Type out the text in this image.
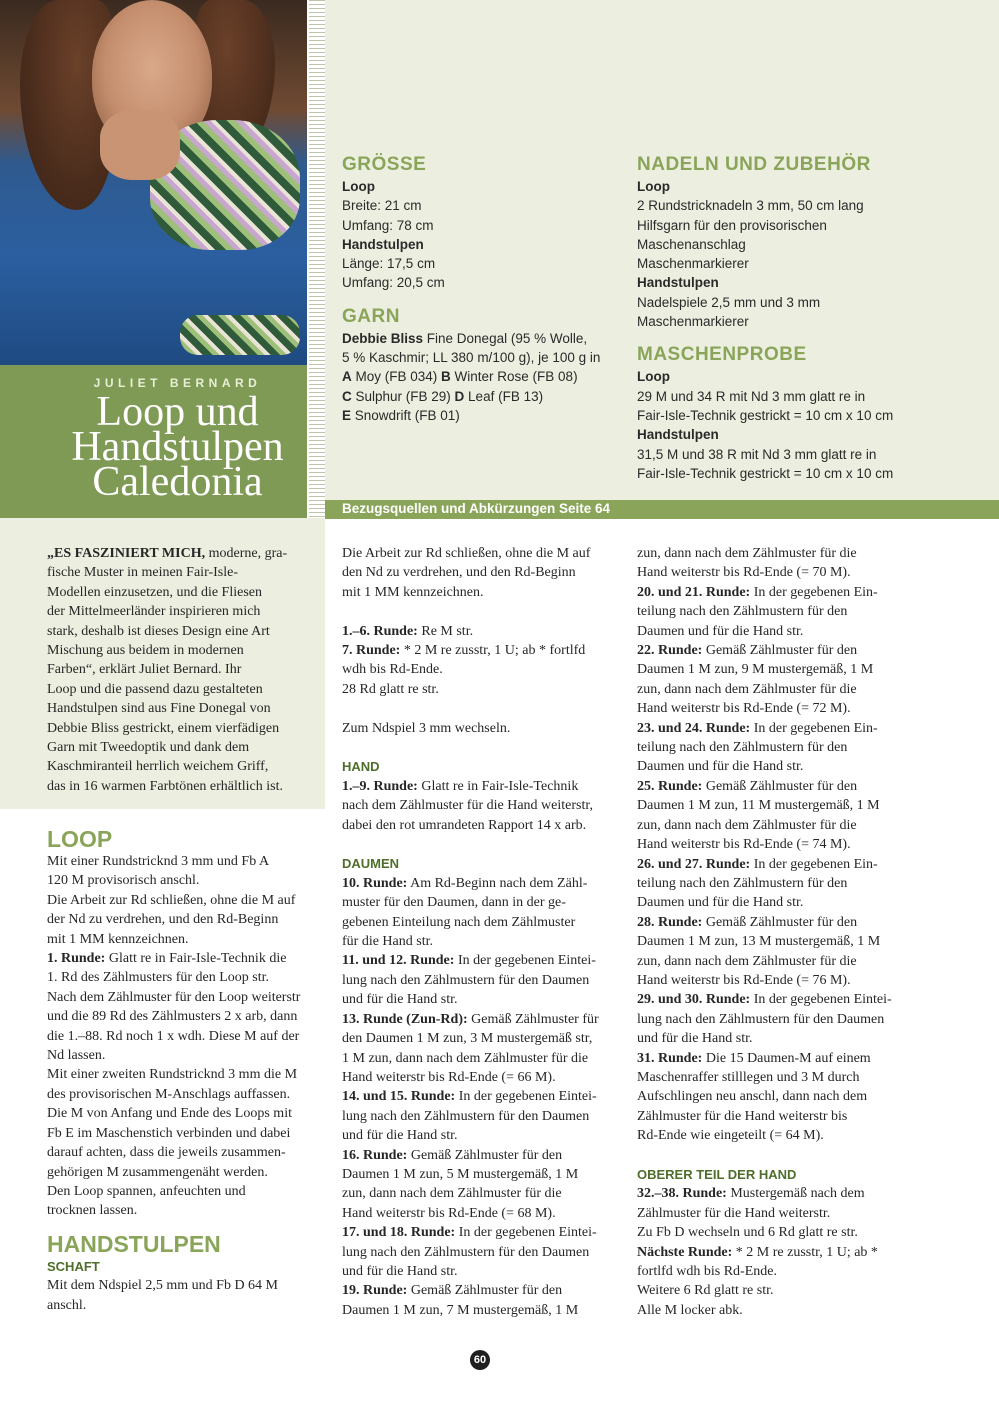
JULIET BERNARD
Loop und
Handstulpen
Caledonia
GRÖSSE
Loop
Breite: 21 cm
Umfang: 78 cm
Handstulpen
Länge: 17,5 cm
Umfang: 20,5 cm
GARN
Debbie Bliss Fine Donegal (95 % Wolle,
5 % Kaschmir; LL 380 m/100 g), je 100 g in
A Moy (FB 034) B Winter Rose (FB 08)
C Sulphur (FB 29) D Leaf (FB 13)
E Snowdrift (FB 01)
NADELN UND ZUBEHÖR
Loop
2 Rundstricknadeln 3 mm, 50 cm lang
Hilfsgarn für den provisorischen
Maschenanschlag
Maschenmarkierer
Handstulpen
Nadelspiele 2,5 mm und 3 mm
Maschenmarkierer
MASCHENPROBE
Loop
29 M und 34 R mit Nd 3 mm glatt re in
Fair-Isle-Technik gestrickt = 10 cm x 10 cm
Handstulpen
31,5 M und 38 R mit Nd 3 mm glatt re in
Fair-Isle-Technik gestrickt = 10 cm x 10 cm
Bezugsquellen und Abkürzungen Seite 64
„ES FASZINIERT MICH, moderne, gra-
fische Muster in meinen Fair-Isle-
Modellen einzusetzen, und die Fliesen
der Mittelmeerländer inspirieren mich
stark, deshalb ist dieses Design eine Art
Mischung aus beidem in modernen
Farben“, erklärt Juliet Bernard. Ihr
Loop und die passend dazu gestalteten
Handstulpen sind aus Fine Donegal von
Debbie Bliss gestrickt, einem vierfädigen
Garn mit Tweedoptik und dank dem
Kaschmiranteil herrlich weichem Griff,
das in 16 warmen Farbtönen erhältlich ist.
LOOP
Mit einer Rundstricknd 3 mm und Fb A
120 M provisorisch anschl.
Die Arbeit zur Rd schließen, ohne die M auf
der Nd zu verdrehen, und den Rd-Beginn
mit 1 MM kennzeichnen.
1. Runde: Glatt re in Fair-Isle-Technik die
1. Rd des Zählmusters für den Loop str.
Nach dem Zählmuster für den Loop weiterstr
und die 89 Rd des Zählmusters 2 x arb, dann
die 1.–88. Rd noch 1 x wdh. Diese M auf der
Nd lassen.
Mit einer zweiten Rundstricknd 3 mm die M
des provisorischen M-Anschlags auffassen.
Die M von Anfang und Ende des Loops mit
Fb E im Maschenstich verbinden und dabei
darauf achten, dass die jeweils zusammen-
gehörigen M zusammengenäht werden.
Den Loop spannen, anfeuchten und
trocknen lassen.
HANDSTULPEN
SCHAFT
Mit dem Ndspiel 2,5 mm und Fb D 64 M
anschl.
Die Arbeit zur Rd schließen, ohne die M auf
den Nd zu verdrehen, und den Rd-Beginn
mit 1 MM kennzeichnen.
1.–6. Runde: Re M str.
7. Runde: * 2 M re zusstr, 1 U; ab * fortlfd
wdh bis Rd-Ende.
28 Rd glatt re str.
Zum Ndspiel 3 mm wechseln.
HAND
1.–9. Runde: Glatt re in Fair-Isle-Technik
nach dem Zählmuster für die Hand weiterstr,
dabei den rot umrandeten Rapport 14 x arb.
DAUMEN
10. Runde: Am Rd-Beginn nach dem Zähl-
muster für den Daumen, dann in der ge-
gebenen Einteilung nach dem Zählmuster
für die Hand str.
11. und 12. Runde: In der gegebenen Eintei-
lung nach den Zählmustern für den Daumen
und für die Hand str.
13. Runde (Zun-Rd): Gemäß Zählmuster für
den Daumen 1 M zun, 3 M mustergemäß str,
1 M zun, dann nach dem Zählmuster für die
Hand weiterstr bis Rd-Ende (= 66 M).
14. und 15. Runde: In der gegebenen Eintei-
lung nach den Zählmustern für den Daumen
und für die Hand str.
16. Runde: Gemäß Zählmuster für den
Daumen 1 M zun, 5 M mustergemäß, 1 M
zun, dann nach dem Zählmuster für die
Hand weiterstr bis Rd-Ende (= 68 M).
17. und 18. Runde: In der gegebenen Eintei-
lung nach den Zählmustern für den Daumen
und für die Hand str.
19. Runde: Gemäß Zählmuster für den
Daumen 1 M zun, 7 M mustergemäß, 1 M
zun, dann nach dem Zählmuster für die
Hand weiterstr bis Rd-Ende (= 70 M).
20. und 21. Runde: In der gegebenen Ein-
teilung nach den Zählmustern für den
Daumen und für die Hand str.
22. Runde: Gemäß Zählmuster für den
Daumen 1 M zun, 9 M mustergemäß, 1 M
zun, dann nach dem Zählmuster für die
Hand weiterstr bis Rd-Ende (= 72 M).
23. und 24. Runde: In der gegebenen Ein-
teilung nach den Zählmustern für den
Daumen und für die Hand str.
25. Runde: Gemäß Zählmuster für den
Daumen 1 M zun, 11 M mustergemäß, 1 M
zun, dann nach dem Zählmuster für die
Hand weiterstr bis Rd-Ende (= 74 M).
26. und 27. Runde: In der gegebenen Ein-
teilung nach den Zählmustern für den
Daumen und für die Hand str.
28. Runde: Gemäß Zählmuster für den
Daumen 1 M zun, 13 M mustergemäß, 1 M
zun, dann nach dem Zählmuster für die
Hand weiterstr bis Rd-Ende (= 76 M).
29. und 30. Runde: In der gegebenen Eintei-
lung nach den Zählmustern für den Daumen
und für die Hand str.
31. Runde: Die 15 Daumen-M auf einem
Maschenraffer stilllegen und 3 M durch
Aufschlingen neu anschl, dann nach dem
Zählmuster für die Hand weiterstr bis
Rd-Ende wie eingeteilt (= 64 M).
OBERER TEIL DER HAND
32.–38. Runde: Mustergemäß nach dem
Zählmuster für die Hand weiterstr.
Zu Fb D wechseln und 6 Rd glatt re str.
Nächste Runde: * 2 M re zusstr, 1 U; ab *
fortlfd wdh bis Rd-Ende.
Weitere 6 Rd glatt re str.
Alle M locker abk.
60
